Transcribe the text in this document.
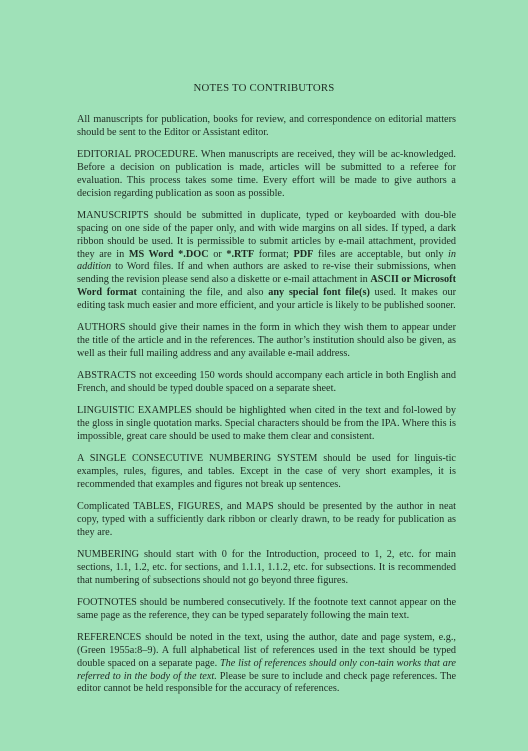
NOTES TO CONTRIBUTORS

All manuscripts for publication, books for review, and correspondence on editorial matters should be sent to the Editor or Assistant editor.

EDITORIAL PROCEDURE. When manuscripts are received, they will be ac-knowledged. Before a decision on publication is made, articles will be submitted to a referee for evaluation. This process takes some time. Every effort will be made to give authors a decision regarding publication as soon as possible.

MANUSCRIPTS should be submitted in duplicate, typed or keyboarded with dou-ble spacing on one side of the paper only, and with wide margins on all sides. If typed, a dark ribbon should be used. It is permissible to submit articles by e-mail attachment, provided they are in MS Word *.DOC or *.RTF format; PDF files are acceptable, but only in addition to Word files. If and when authors are asked to re-vise their submissions, when sending the revision please send also a diskette or e-mail attachment in ASCII or Microsoft Word format containing the file, and also any special font file(s) used. It makes our editing task much easier and more efficient, and your article is likely to be published sooner.

AUTHORS should give their names in the form in which they wish them to appear under the title of the article and in the references. The author’s institution should also be given, as well as their full mailing address and any available e-mail address.

ABSTRACTS not exceeding 150 words should accompany each article in both English and French, and should be typed double spaced on a separate sheet.

LINGUISTIC EXAMPLES should be highlighted when cited in the text and fol-lowed by the gloss in single quotation marks. Special characters should be from the IPA. Where this is impossible, great care should be used to make them clear and consistent.

A SINGLE CONSECUTIVE NUMBERING SYSTEM should be used for linguis-tic examples, rules, figures, and tables. Except in the case of very short examples, it is recommended that examples and figures not break up sentences.

Complicated TABLES, FIGURES, and MAPS should be presented by the author in neat copy, typed with a sufficiently dark ribbon or clearly drawn, to be ready for publication as they are.

NUMBERING should start with 0 for the Introduction, proceed to 1, 2, etc. for main sections, 1.1, 1.2, etc. for sections, and 1.1.1, 1.1.2, etc. for subsections. It is recommended that numbering of subsections should not go beyond three figures.

FOOTNOTES should be numbered consecutively. If the footnote text cannot appear on the same page as the reference, they can be typed separately following the main text.

REFERENCES should be noted in the text, using the author, date and page system, e.g., (Green 1955a:8–9). A full alphabetical list of references used in the text should be typed double spaced on a separate page. The list of references should only con-tain works that are referred to in the body of the text. Please be sure to include and check page references. The editor cannot be held responsible for the accuracy of references.
